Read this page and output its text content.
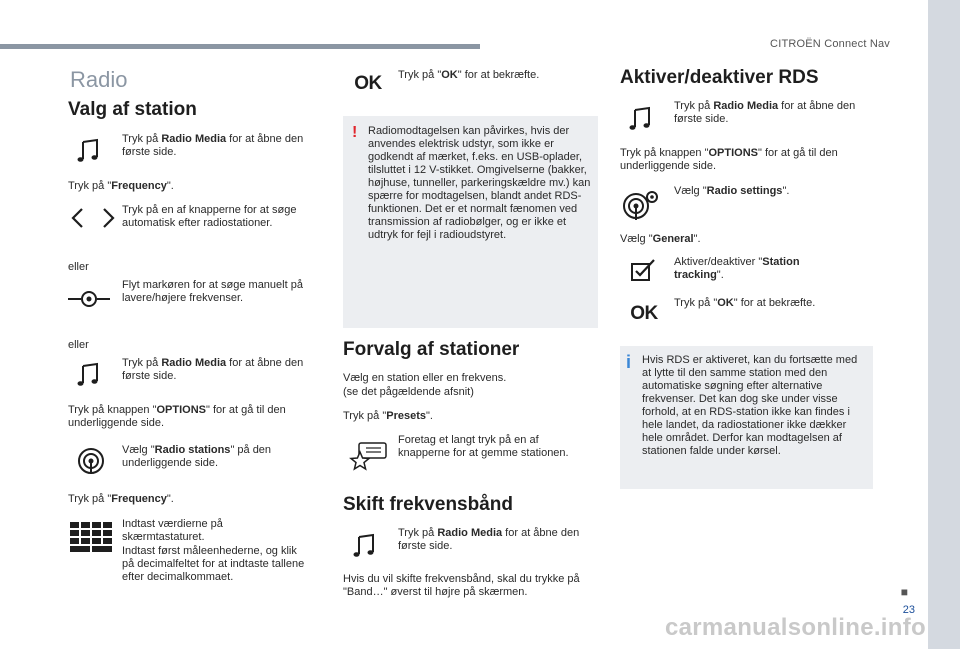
CITROËN Connect Nav
Radio
Valg af station

Tryk på Radio Media for at åbne den første side.

Tryk på "Frequency".

Tryk på en af knapperne for at søge automatisk efter radiostationer.

eller

Flyt markøren for at søge manuelt på lavere/højere frekvenser.

eller

Tryk på Radio Media for at åbne den første side.

Tryk på knappen "OPTIONS" for at gå til den underliggende side.

Vælg "Radio stations" på den underliggende side.

Tryk på "Frequency".

Indtast værdierne på skærmtastaturet.

Indtast først måleenhederne, og klik på decimalfeltet for at indtaste tallene efter decimalkommaet.

OK	Tryk på "OK" for at bekræfte.

! Radiomodtagelsen kan påvirkes, hvis der anvendes elektrisk udstyr, som ikke er godkendt af mærket, f.eks. en USB-oplader, tilsluttet i 12 V-stikket. Omgivelserne (bakker, højhuse, tunneller, parkeringskældre mv.) kan spærre for modtagelsen, blandt andet RDS-funktionen. Det er et normalt fænomen ved transmission af radiobølger, og er ikke et udtryk for fejl i radioudstyret.

Forvalg af stationer

Vælg en station eller en frekvens.

(se det pågældende afsnit)

Tryk på "Presets".

Foretag et langt tryk på en af knapperne for at gemme stationen.

Skift frekvensbånd

Tryk på Radio Media for at åbne den første side.

Hvis du vil skifte frekvensbånd, skal du trykke på "Band…" øverst til højre på skærmen.

Aktiver/deaktiver RDS

Tryk på Radio Media for at åbne den første side.

Tryk på knappen "OPTIONS" for at gå til den underliggende side.

Vælg "Radio settings".

Vælg "General".

Aktiver/deaktiver "Station tracking".

OK	Tryk på "OK" for at bekræfte.

i Hvis RDS er aktiveret, kan du fortsætte med at lytte til den samme station med den automatiske søgning efter alternative frekvenser. Det kan dog ske under visse forhold, at en RDS-station ikke kan findes i hele landet, da radiostationer ikke dækker hele området. Derfor kan modtagelsen af stationen falde under kørsel.

■
23
carmanualsonline.info
